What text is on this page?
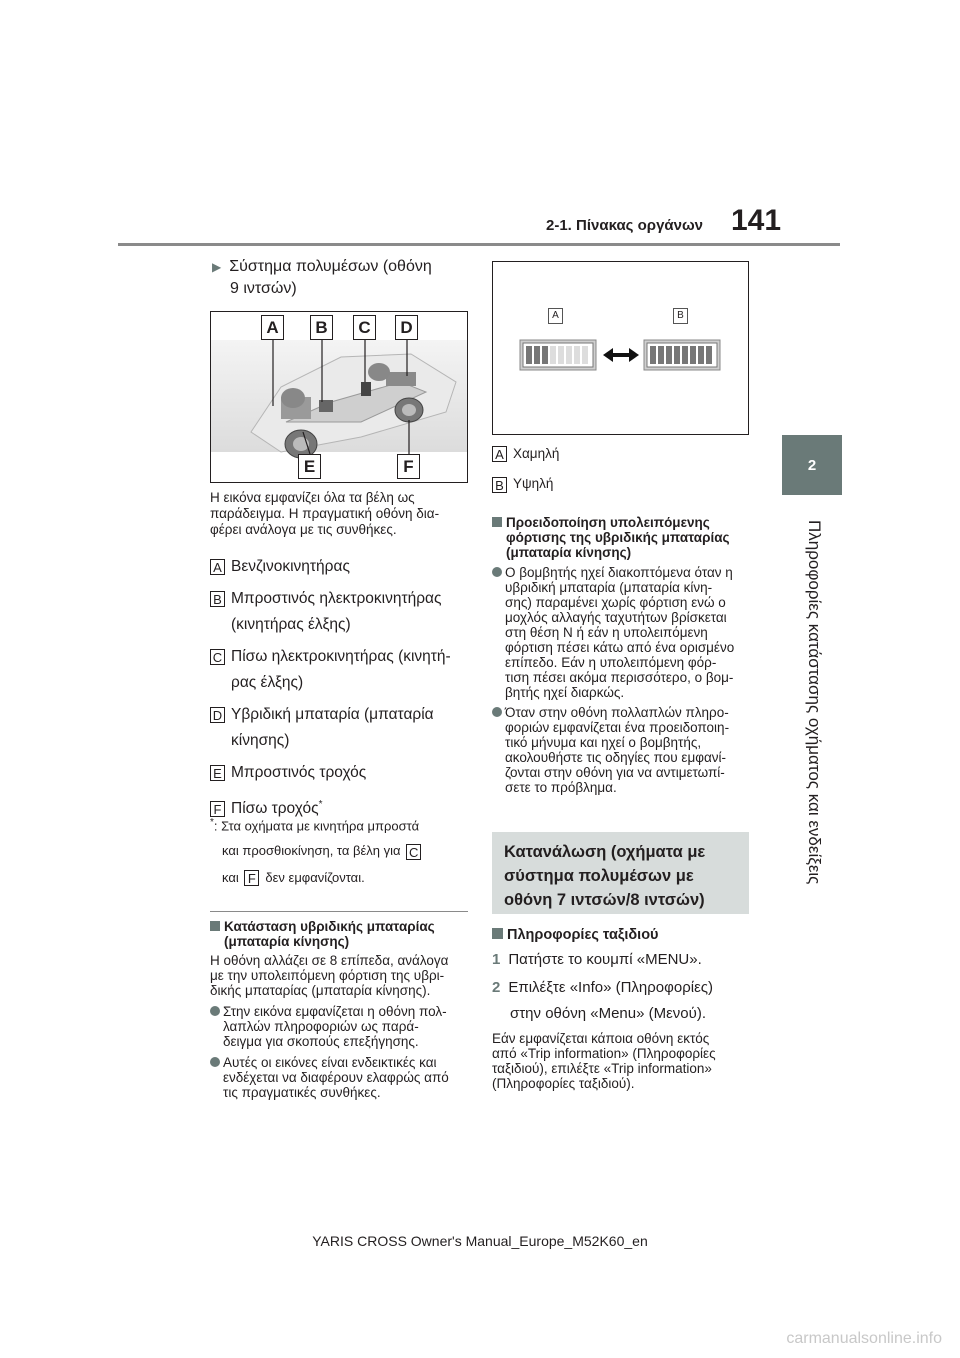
2-1. Πίνακας οργάνων 141
2
Πληροφορίες κατάστασης οχήματος και ενδείξεις
▶ Σύστημα πολυμέσων (οθόνη
9 ιντσών)
A	B	C	D
E	F
Η εικόνα εμφανίζει όλα τα βέλη ως
παράδειγμα. Η πραγματική οθόνη δια-
φέρει ανάλογα με τις συνθήκες.
A Βενζινοκινητήρας
B Μπροστινός ηλεκτροκινητήρας
(κινητήρας έλξης)
C Πίσω ηλεκτροκινητήρας (κινητή-
ρας έλξης)
D Υβριδική μπαταρία (μπαταρία
κίνησης)
E Μπροστινός τροχός
F Πίσω τροχός*
*: Στα οχήματα με κινητήρα μπροστά
και προσθιοκίνηση, τα βέλη για C
και F δεν εμφανίζονται.
Κατάσταση υβριδικής μπαταρίας
(μπαταρία κίνησης)
Η οθόνη αλλάζει σε 8 επίπεδα, ανάλογα
με την υπολειπόμενη φόρτιση της υβρι-
δικής μπαταρίας (μπαταρία κίνησης).
Στην εικόνα εμφανίζεται η οθόνη πολ-
λαπλών πληροφοριών ως παρά-
δειγμα για σκοπούς επεξήγησης.
Αυτές οι εικόνες είναι ενδεικτικές και
ενδέχεται να διαφέρουν ελαφρώς από
τις πραγματικές συνθήκες.
A	B
A Χαμηλή
B Υψηλή
Προειδοποίηση υπολειπόμενης
φόρτισης της υβριδικής μπαταρίας
(μπαταρία κίνησης)
Ο βομβητής ηχεί διακοπτόμενα όταν η
υβριδική μπαταρία (μπαταρία κίνη-
σης) παραμένει χωρίς φόρτιση ενώ ο
μοχλός αλλαγής ταχυτήτων βρίσκεται
στη θέση N ή εάν η υπολειπόμενη
φόρτιση πέσει κάτω από ένα ορισμένο
επίπεδο. Εάν η υπολειπόμενη φόρ-
τιση πέσει ακόμα περισσότερο, ο βομ-
βητής ηχεί διαρκώς.
Όταν στην οθόνη πολλαπλών πληρο-
φοριών εμφανίζεται ένα προειδοποιη-
τικό μήνυμα και ηχεί ο βομβητής,
ακολουθήστε τις οδηγίες που εμφανί-
ζονται στην οθόνη για να αντιμετωπί-
σετε το πρόβλημα.
Κατανάλωση (οχήματα με
σύστημα πολυμέσων με
οθόνη 7 ιντσών/8 ιντσών)
Πληροφορίες ταξιδιού
1 Πατήστε το κουμπί «MENU».
2 Επιλέξτε «Info» (Πληροφορίες)
στην οθόνη «Menu» (Μενού).
Εάν εμφανίζεται κάποια οθόνη εκτός
από «Trip information» (Πληροφορίες
ταξιδιού), επιλέξτε «Trip information»
(Πληροφορίες ταξιδιού).
YARIS CROSS Owner's Manual_Europe_M52K60_en
carmanualsonline.info
